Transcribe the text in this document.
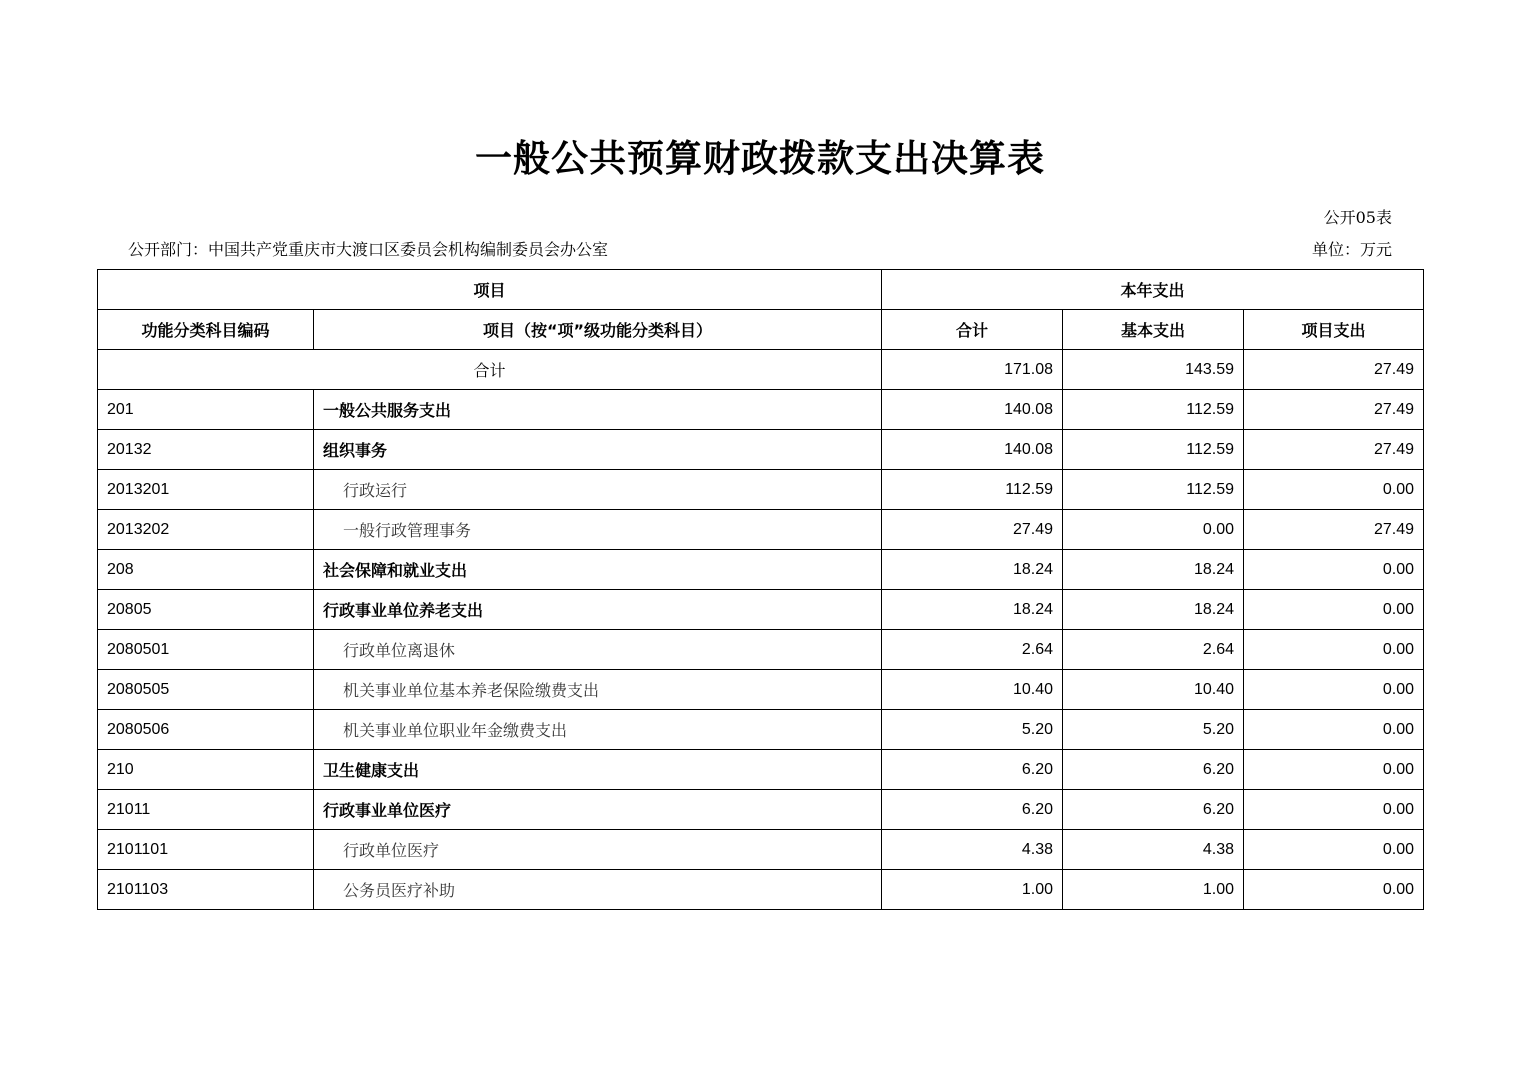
一般公共预算财政拨款支出决算表
公开05表
公开部门：中国共产党重庆市大渡口区委员会机构编制委员会办公室	单位：万元
项目		本年支出		
功能分类科目编码	项目（按“项”级功能分类科目）	合计	基本支出	项目支出
合计		171.08	143.59	27.49
201	一般公共服务支出	140.08	112.59	27.49
20132	组织事务	140.08	112.59	27.49
2013201	行政运行	112.59	112.59	0.00
2013202	一般行政管理事务	27.49	0.00	27.49
208	社会保障和就业支出	18.24	18.24	0.00
20805	行政事业单位养老支出	18.24	18.24	0.00
2080501	行政单位离退休	2.64	2.64	0.00
2080505	机关事业单位基本养老保险缴费支出	10.40	10.40	0.00
2080506	机关事业单位职业年金缴费支出	5.20	5.20	0.00
210	卫生健康支出	6.20	6.20	0.00
21011	行政事业单位医疗	6.20	6.20	0.00
2101101	行政单位医疗	4.38	4.38	0.00
2101103	公务员医疗补助	1.00	1.00	0.00
